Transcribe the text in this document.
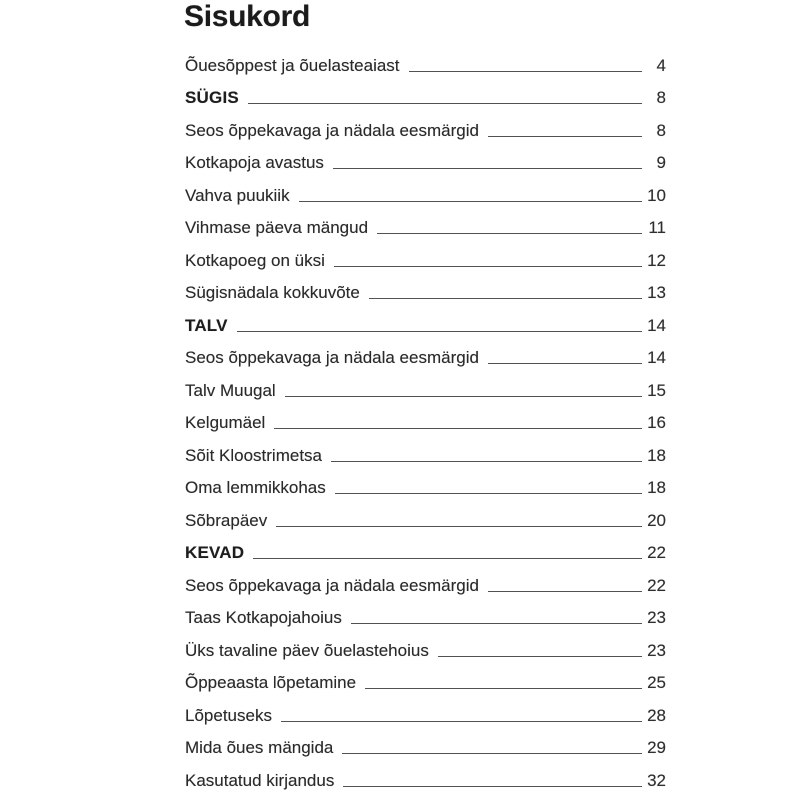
Sisukord
Õuesõppest ja õuelasteaiast	4
SÜGIS	8
Seos õppekavaga ja nädala eesmärgid	8
Kotkapoja avastus	9
Vahva puukiik	10
Vihmase päeva mängud	11
Kotkapoeg on üksi	12
Sügisnädala kokkuvõte	13
TALV	14
Seos õppekavaga ja nädala eesmärgid	14
Talv Muugal	15
Kelgumäel	16
Sõit Kloostrimetsa	18
Oma lemmikkohas	18
Sõbrapäev	20
KEVAD	22
Seos õppekavaga ja nädala eesmärgid	22
Taas Kotkapojahoius	23
Üks tavaline päev õuelastehoius	23
Õppeaasta lõpetamine	25
Lõpetuseks	28
Mida õues mängida	29
Kasutatud kirjandus	32
